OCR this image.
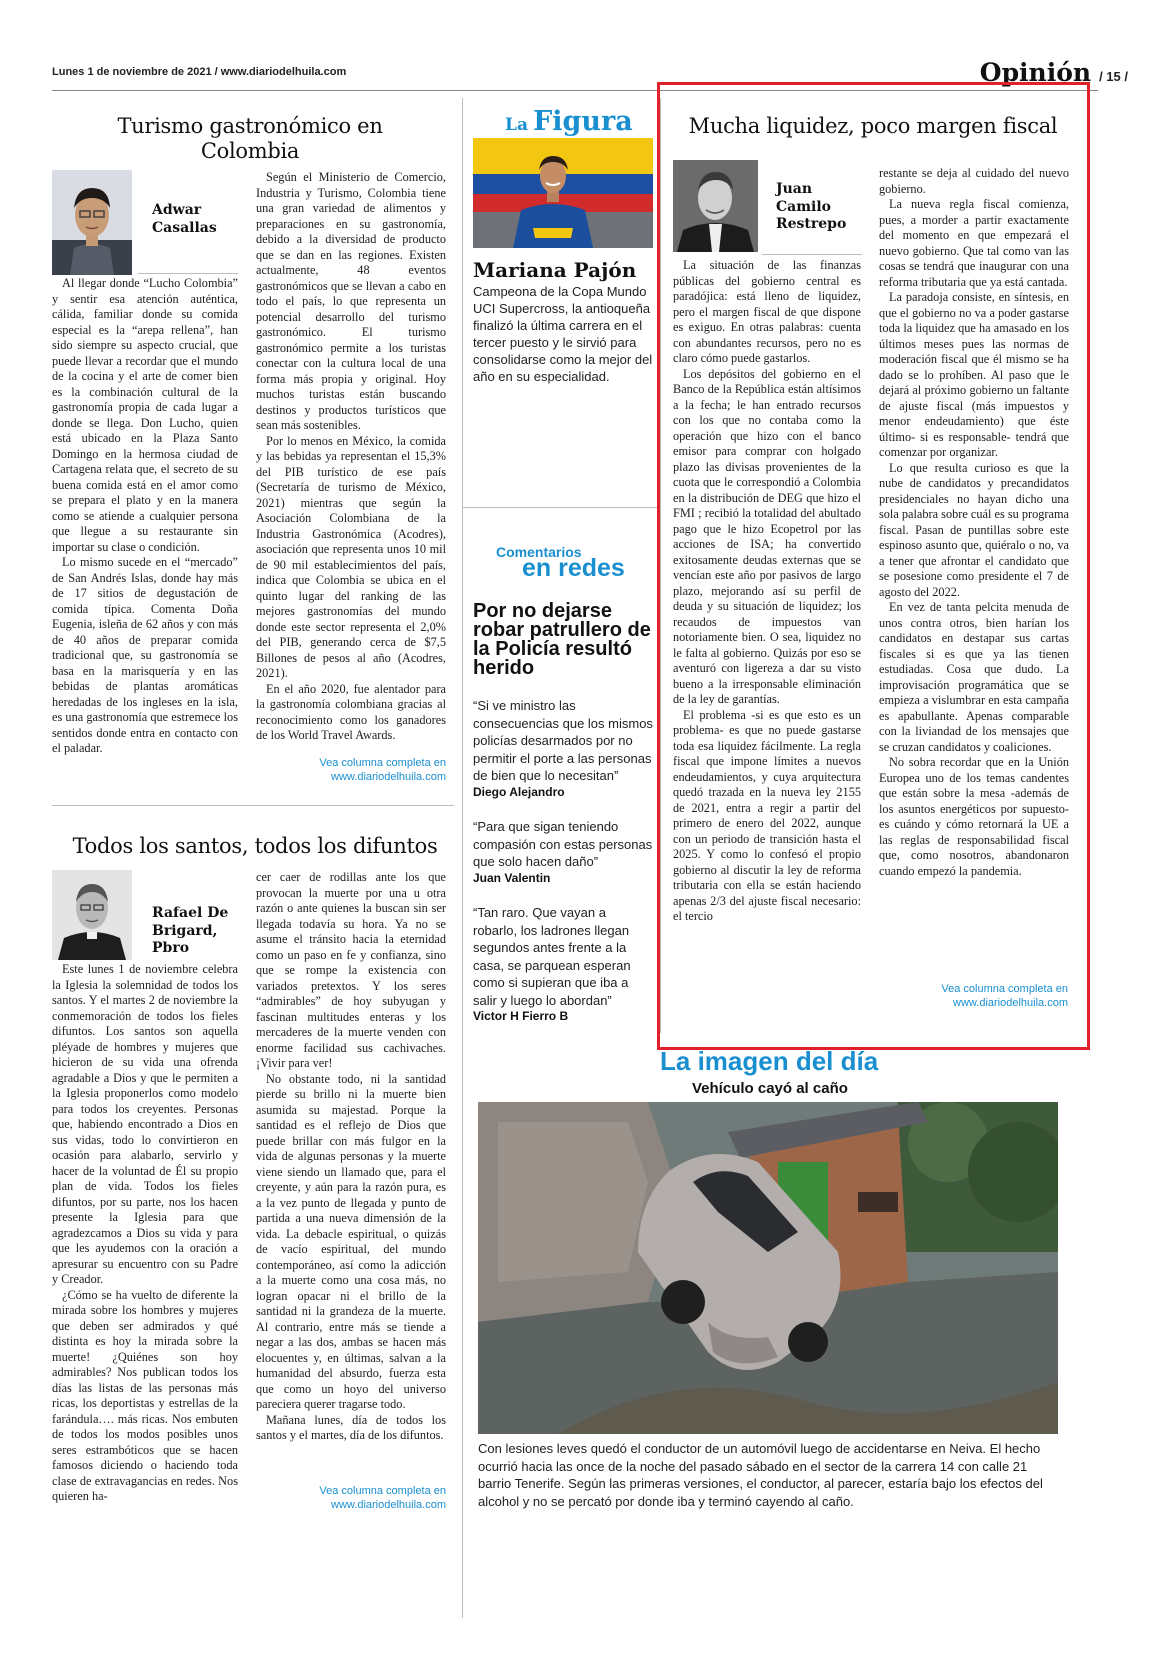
Lunes 1 de noviembre de 2021 / www.diariodelhuila.com	Opinión / 15 /
Turismo gastronómico en Colombia
Adwar Casallas

Al llegar donde “Lucho Colombia” y sentir esa atención auténtica, cálida, familiar donde su comida especial es la “arepa rellena”, han sido siempre su aspecto crucial, que puede llevar a recordar que el mundo de la cocina y el arte de comer bien es la combinación cultural de la gastronomía propia de cada lugar a donde se llega. Don Lucho, quien está ubicado en la Plaza Santo Domingo en la hermosa ciudad de Cartagena relata que, el secreto de su buena comida está en el amor como se prepara el plato y en la manera como se atiende a cualquier persona que llegue a su restaurante sin importar su clase o condición.

Lo mismo sucede en el “mercado” de San Andrés Islas, donde hay más de 17 sitios de degustación de comida típica. Comenta Doña Eugenia, isleña de 62 años y con más de 40 años de preparar comida tradicional que, su gastronomía se basa en la marisquería y en las bebidas de plantas aromáticas heredadas de los ingleses en la isla, es una gastronomía que estremece los sentidos donde entra en contacto con el paladar.

Según el Ministerio de Comercio, Industria y Turismo, Colombia tiene una gran variedad de alimentos y preparaciones en su gastronomía, debido a la diversidad de producto que se dan en las regiones. Existen actualmente, 48 eventos gastronómicos que se llevan a cabo en todo el país, lo que representa un potencial desarrollo del turismo gastronómico. El turismo gastronómico permite a los turistas conectar con la cultura local de una forma más propia y original. Hoy muchos turistas están buscando destinos y productos turísticos que sean más sostenibles.

Por lo menos en México, la comida y las bebidas ya representan el 15,3% del PIB turístico de ese país (Secretaría de turismo de México, 2021) mientras que según la Asociación Colombiana de la Industria Gastronómica (Acodres), asociación que representa unos 10 mil de 90 mil establecimientos del país, indica que Colombia se ubica en el quinto lugar del ranking de las mejores gastronomías del mundo donde este sector representa el 2,0% del PIB, generando cerca de $7,5 Billones de pesos al año (Acodres, 2021).

En el año 2020, fue alentador para la gastronomía colombiana gracias al reconocimiento como los ganadores de los World Travel Awards.

Vea columna completa en www.diariodelhuila.com
Todos los santos, todos los difuntos
Rafael De Brigard, Pbro

Este lunes 1 de noviembre celebra la Iglesia la solemnidad de todos los santos. Y el martes 2 de noviembre la conmemoración de todos los fieles difuntos. Los santos son aquella pléyade de hombres y mujeres que hicieron de su vida una ofrenda agradable a Dios y que le permiten a la Iglesia proponerlos como modelo para todos los creyentes. Personas que, habiendo encontrado a Dios en sus vidas, todo lo convirtieron en ocasión para alabarlo, servirlo y hacer de la voluntad de Él su propio plan de vida. Todos los fieles difuntos, por su parte, nos los hacen presente la Iglesia para que agradezcamos a Dios su vida y para que les ayudemos con la oración a apresurar su encuentro con su Padre y Creador.

¿Cómo se ha vuelto de diferente la mirada sobre los hombres y mujeres que deben ser admirados y qué distinta es hoy la mirada sobre la muerte! ¿Quiénes son hoy admirables? Nos publican todos los días las listas de las personas más ricas, los deportistas y estrellas de la farándula…. más ricas. Nos embuten de todos los modos posibles unos seres estrambóticos que se hacen famosos diciendo o haciendo toda clase de extravagancias en redes. Nos quieren ha-

cer caer de rodillas ante los que provocan la muerte por una u otra razón o ante quienes la buscan sin ser llegada todavía su hora. Ya no se asume el tránsito hacia la eternidad como un paso en fe y confianza, sino que se rompe la existencia con variados pretextos. Y los seres “admirables” de hoy subyugan y fascinan multitudes enteras y los mercaderes de la muerte venden con enorme facilidad sus cachivaches. ¡Vivir para ver!

No obstante todo, ni la santidad pierde su brillo ni la muerte bien asumida su majestad. Porque la santidad es el reflejo de Dios que puede brillar con más fulgor en la vida de algunas personas y la muerte viene siendo un llamado que, para el creyente, y aún para la razón pura, es a la vez punto de llegada y punto de partida a una nueva dimensión de la vida. La debacle espiritual, o quizás de vacío espiritual, del mundo contemporáneo, así como la adicción a la muerte como una cosa más, no logran opacar ni el brillo de la santidad ni la grandeza de la muerte. Al contrario, entre más se tiende a negar a las dos, ambas se hacen más elocuentes y, en últimas, salvan a la humanidad del absurdo, fuerza esta que como un hoyo del universo pareciera querer tragarse todo.

Mañana lunes, día de todos los santos y el martes, día de los difuntos.

Vea columna completa en www.diariodelhuila.com
La Figura
Mariana Pajón
Campeona de la Copa Mundo UCI Supercross, la antioqueña finalizó la última carrera en el tercer puesto y le sirvió para consolidarse como la mejor del año en su especialidad.
Comentarios
en redes
Por no dejarse robar patrullero de la Policía resultó herido
“Si ve ministro las consecuencias que los mismos policías desarmados por no permitir el porte a las personas de bien que lo necesitan”
Diego Alejandro
“Para que sigan teniendo compasión con estas personas que solo hacen daño”
Juan Valentin
“Tan raro. Que vayan a robarlo, los ladrones llegan segundos antes frente a la casa, se parquean esperan como si supieran que iba a salir y luego lo abordan”
Victor H Fierro B
Mucha liquidez, poco margen fiscal
Juan Camilo Restrepo

La situación de las finanzas públicas del gobierno central es paradójica: está lleno de liquidez, pero el margen fiscal de que dispone es exiguo. En otras palabras: cuenta con abundantes recursos, pero no es claro cómo puede gastarlos.

Los depósitos del gobierno en el Banco de la República están altísimos a la fecha; le han entrado recursos con los que no contaba como la operación que hizo con el banco emisor para comprar con holgado plazo las divisas provenientes de la cuota que le correspondió a Colombia en la distribución de DEG que hizo el FMI ; recibió la totalidad del abultado pago que le hizo Ecopetrol por las acciones de ISA; ha convertido exitosamente deudas externas que se vencían este año por pasivos de largo plazo, mejorando así su perfil de deuda y su situación de liquidez; los recaudos de impuestos van notoriamente bien. O sea, liquidez no le falta al gobierno. Quizás por eso se aventuró con ligereza a dar su visto bueno a la irresponsable eliminación de la ley de garantías.

El problema -si es que esto es un problema- es que no puede gastarse toda esa liquidez fácilmente. La regla fiscal que impone límites a nuevos endeudamientos, y cuya arquitectura quedó trazada en la nueva ley 2155 de 2021, entra a regir a partir del primero de enero del 2022, aunque con un periodo de transición hasta el 2025. Y como lo confesó el propio gobierno al discutir la ley de reforma tributaria con ella se están haciendo apenas 2/3 del ajuste fiscal necesario: el tercio

restante se deja al cuidado del nuevo gobierno.

La nueva regla fiscal comienza, pues, a morder a partir exactamente del momento en que empezará el nuevo gobierno. Que tal como van las cosas se tendrá que inaugurar con una reforma tributaria que ya está cantada.

La paradoja consiste, en síntesis, en que el gobierno no va a poder gastarse toda la liquidez que ha amasado en los últimos meses pues las normas de moderación fiscal que él mismo se ha dado se lo prohíben. Al paso que le dejará al próximo gobierno un faltante de ajuste fiscal (más impuestos y menor endeudamiento) que éste último- si es responsable- tendrá que comenzar por organizar.

Lo que resulta curioso es que la nube de candidatos y precandidatos presidenciales no hayan dicho una sola palabra sobre cuál es su programa fiscal. Pasan de puntillas sobre este espinoso asunto que, quiéralo o no, va a tener que afrontar el candidato que se posesione como presidente el 7 de agosto del 2022.

En vez de tanta pelcita menuda de unos contra otros, bien harían los candidatos en destapar sus cartas fiscales si es que ya las tienen estudiadas. Cosa que dudo. La improvisación programática que se empieza a vislumbrar en esta campaña es apabullante. Apenas comparable con la liviandad de los mensajes que se cruzan candidatos y coaliciones.

No sobra recordar que en la Unión Europea uno de los temas candentes que están sobre la mesa -además de los asuntos energéticos por supuesto- es cuándo y cómo retornará la UE a las reglas de responsabilidad fiscal que, como nosotros, abandonaron cuando empezó la pandemia.

Vea columna completa en www.diariodelhuila.com
La imagen del día
Vehículo cayó al caño
Con lesiones leves quedó el conductor de un automóvil luego de accidentarse en Neiva. El hecho ocurrió hacia las once de la noche del pasado sábado en el sector de la carrera 14 con calle 21 barrio Tenerife. Según las primeras versiones, el conductor, al parecer, estaría bajo los efectos del alcohol y no se percató por donde iba y terminó cayendo al caño.
